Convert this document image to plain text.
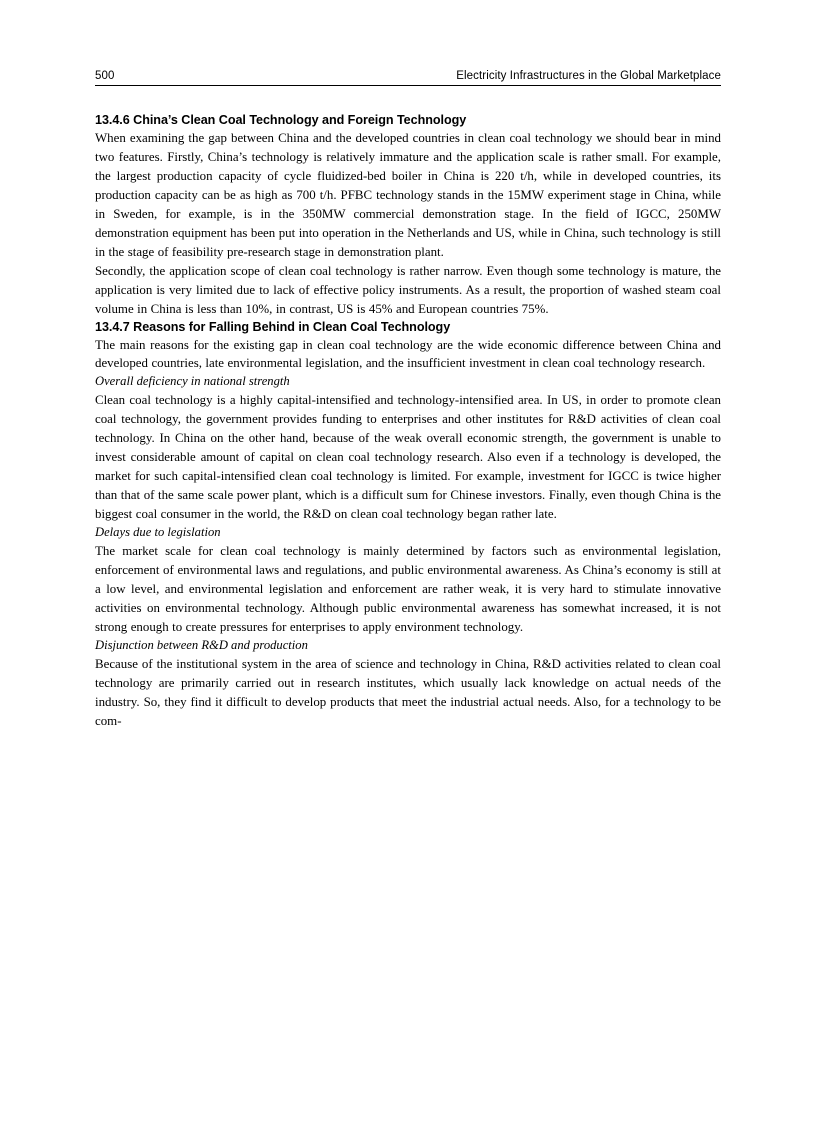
500	Electricity Infrastructures in the Global Marketplace
13.4.6 China’s Clean Coal Technology and Foreign Technology

When examining the gap between China and the developed countries in clean coal technology we should bear in mind two features. Firstly, China’s technology is relatively immature and the application scale is rather small. For example, the largest production capacity of cycle fluidized-bed boiler in China is 220 t/h, while in developed countries, its production capacity can be as high as 700 t/h. PFBC technology stands in the 15MW experiment stage in China, while in Sweden, for example, is in the 350MW commercial demonstration stage. In the field of IGCC, 250MW demonstration equipment has been put into operation in the Netherlands and US, while in China, such technology is still in the stage of feasibility pre-research stage in demonstration plant.

Secondly, the application scope of clean coal technology is rather narrow. Even though some technology is mature, the application is very limited due to lack of effective policy instruments. As a result, the proportion of washed steam coal volume in China is less than 10%, in contrast, US is 45% and European countries 75%.

13.4.7 Reasons for Falling Behind in Clean Coal Technology

The main reasons for the existing gap in clean coal technology are the wide economic difference between China and developed countries, late environmental legislation, and the insufficient investment in clean coal technology research.

Overall deficiency in national strength

Clean coal technology is a highly capital-intensified and technology-intensified area. In US, in order to promote clean coal technology, the government provides funding to enterprises and other institutes for R&D activities of clean coal technology. In China on the other hand, because of the weak overall economic strength, the government is unable to invest considerable amount of capital on clean coal technology research. Also even if a technology is developed, the market for such capital-intensified clean coal technology is limited. For example, investment for IGCC is twice higher than that of the same scale power plant, which is a difficult sum for Chinese investors. Finally, even though China is the biggest coal consumer in the world, the R&D on clean coal technology began rather late.

Delays due to legislation

The market scale for clean coal technology is mainly determined by factors such as environmental legislation, enforcement of environmental laws and regulations, and public environmental awareness. As China’s economy is still at a low level, and environmental legislation and enforcement are rather weak, it is very hard to stimulate innovative activities on environmental technology. Although public environmental awareness has somewhat increased, it is not strong enough to create pressures for enterprises to apply environment technology.

Disjunction between R&D and production

Because of the institutional system in the area of science and technology in China, R&D activities related to clean coal technology are primarily carried out in research institutes, which usually lack knowledge on actual needs of the industry. So, they find it difficult to develop products that meet the industrial actual needs. Also, for a technology to be com-
